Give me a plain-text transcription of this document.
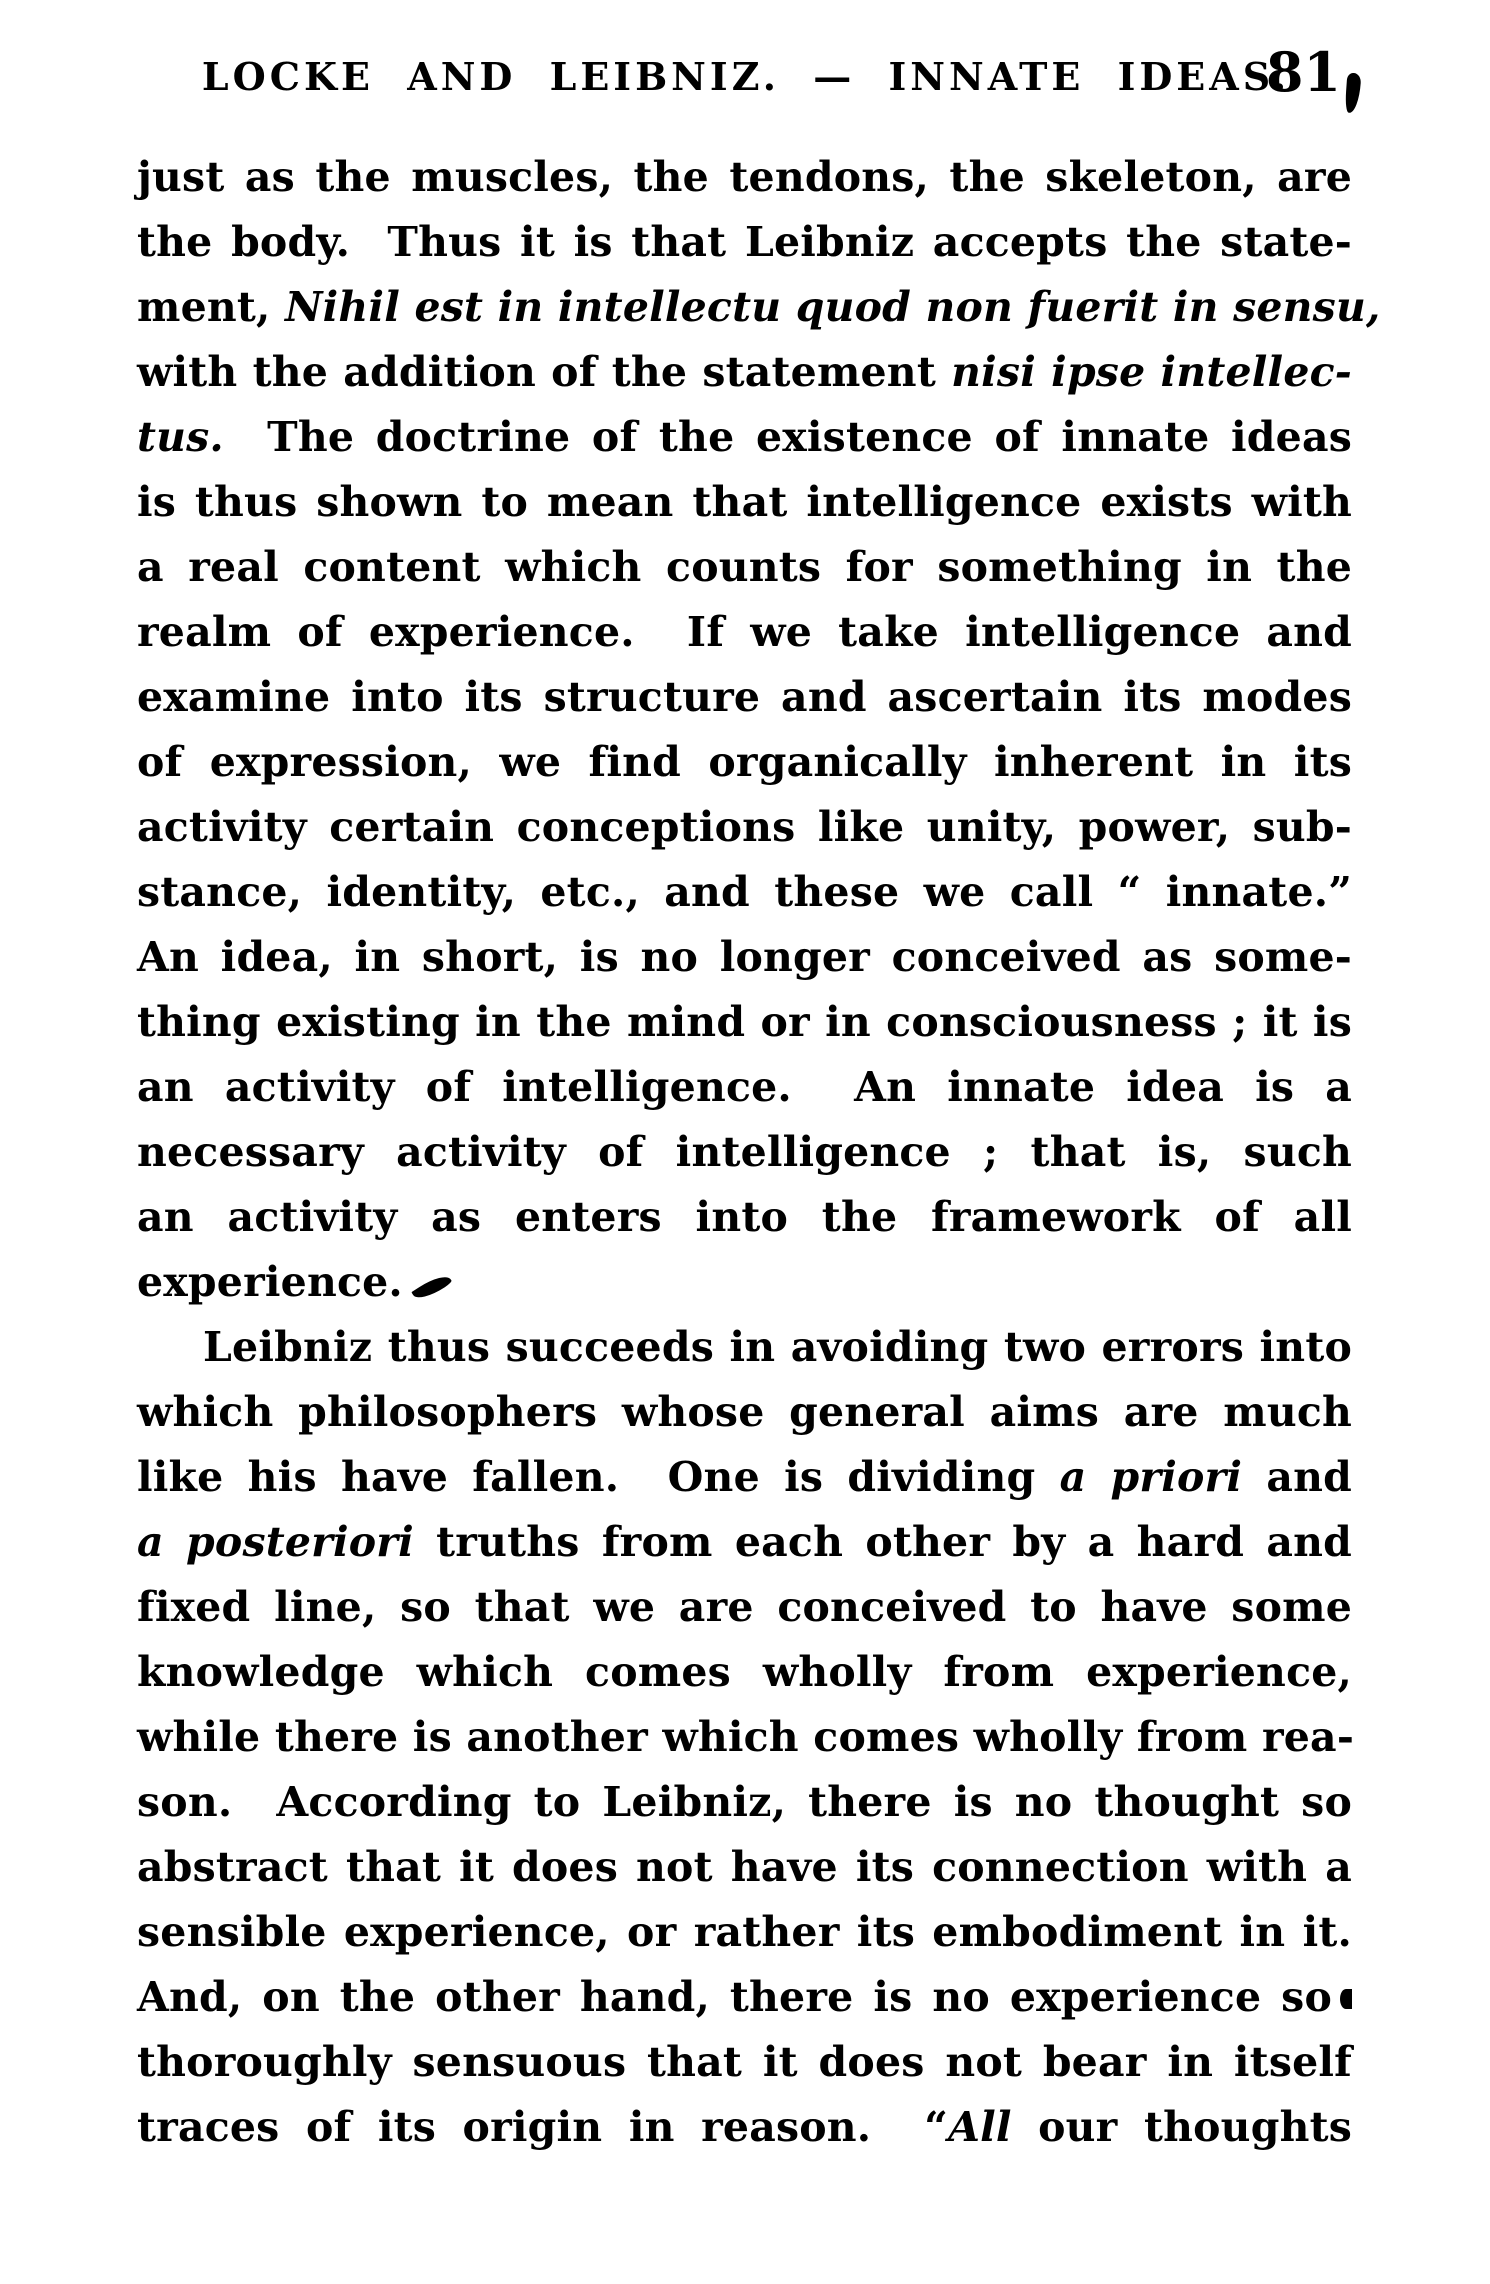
LOCKE AND LEIBNIZ. — INNATE IDEAS.
81
just as the muscles, the tendons, the skeleton, are
the body.  Thus it is that Leibniz accepts the state-
ment, Nihil est in intellectu quod non fuerit in sensu,
with the addition of the statement nisi ipse intellec-
tus.  The doctrine of the existence of innate ideas
is thus shown to mean that intelligence exists with
a real content which counts for something in the
realm of experience.  If we take intelligence and
examine into its structure and ascertain its modes
of expression, we find organically inherent in its
activity certain conceptions like unity, power, sub-
stance, identity, etc., and these we call “ innate.”
An idea, in short, is no longer conceived as some-
thing existing in the mind or in consciousness ; it is
an activity of intelligence.  An innate idea is a
necessary activity of intelligence ; that is, such
an activity as enters into the framework of all
experience.
Leibniz thus succeeds in avoiding two errors into
which philosophers whose general aims are much
like his have fallen.  One is dividing a priori and
a posteriori truths from each other by a hard and
fixed line, so that we are conceived to have some
knowledge which comes wholly from experience,
while there is another which comes wholly from rea-
son.  According to Leibniz, there is no thought so
abstract that it does not have its connection with a
sensible experience, or rather its embodiment in it.
And, on the other hand, there is no experience so
thoroughly sensuous that it does not bear in itself
traces of its origin in reason.  “All our thoughts
